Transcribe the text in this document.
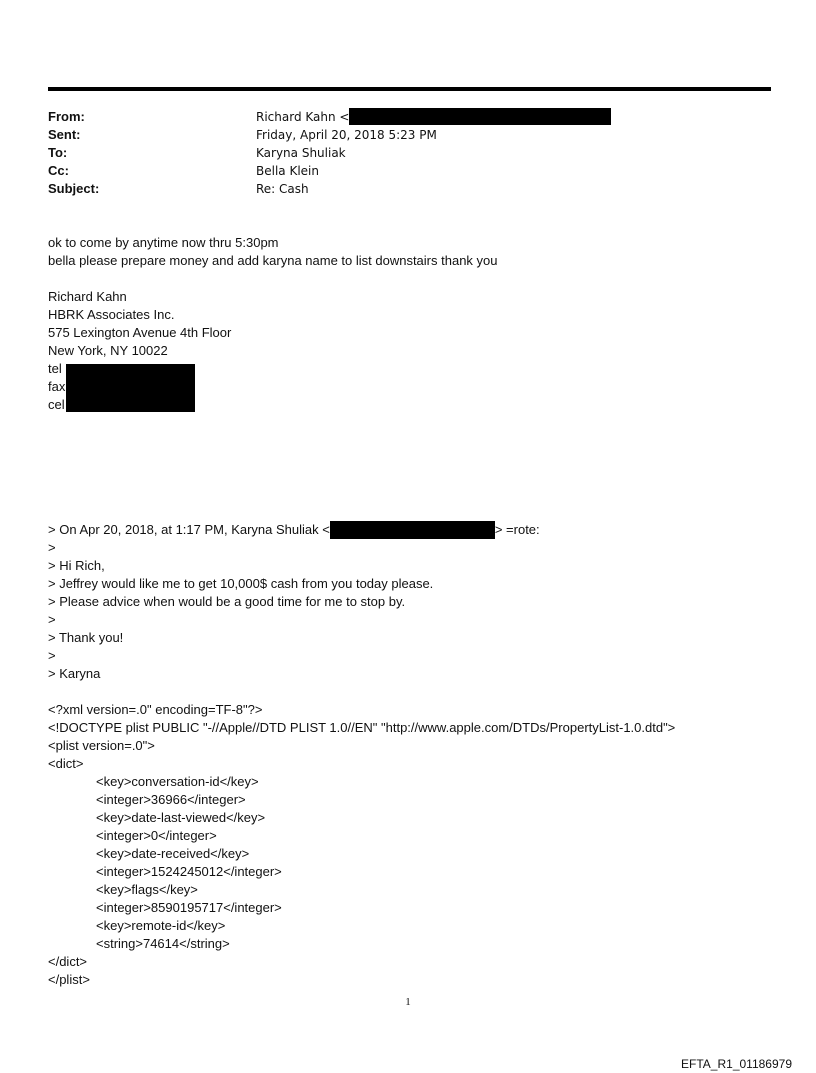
From:	Richard Kahn <
Sent:	Friday, April 20, 2018 5:23 PM
To:	Karyna Shuliak
Cc:	Bella Klein
Subject:	Re: Cash
ok to come by anytime now thru 5:30pm
bella please prepare money and add karyna name to list downstairs thank you
Richard Kahn
HBRK Associates Inc.
575 Lexington Avenue 4th Floor
New York, NY 10022
tel
fax
cel
> On Apr 20, 2018, at 1:17 PM, Karyna Shuliak <	> =rote:
>
> Hi Rich,
> Jeffrey would like me to get 10,000$ cash from you today please.
> Please advice when would be a good time for me to stop by.
>
> Thank you!
>
> Karyna
<?xml version=.0" encoding=TF-8"?>
<!DOCTYPE plist PUBLIC "-//Apple//DTD PLIST 1.0//EN" "http://www.apple.com/DTDs/PropertyList-1.0.dtd">
<plist version=.0">
<dict>
<key>conversation-id</key>
<integer>36966</integer>
<key>date-last-viewed</key>
<integer>0</integer>
<key>date-received</key>
<integer>1524245012</integer>
<key>flags</key>
<integer>8590195717</integer>
<key>remote-id</key>
<string>74614</string>
</dict>
</plist>
1
EFTA_R1_01186979
